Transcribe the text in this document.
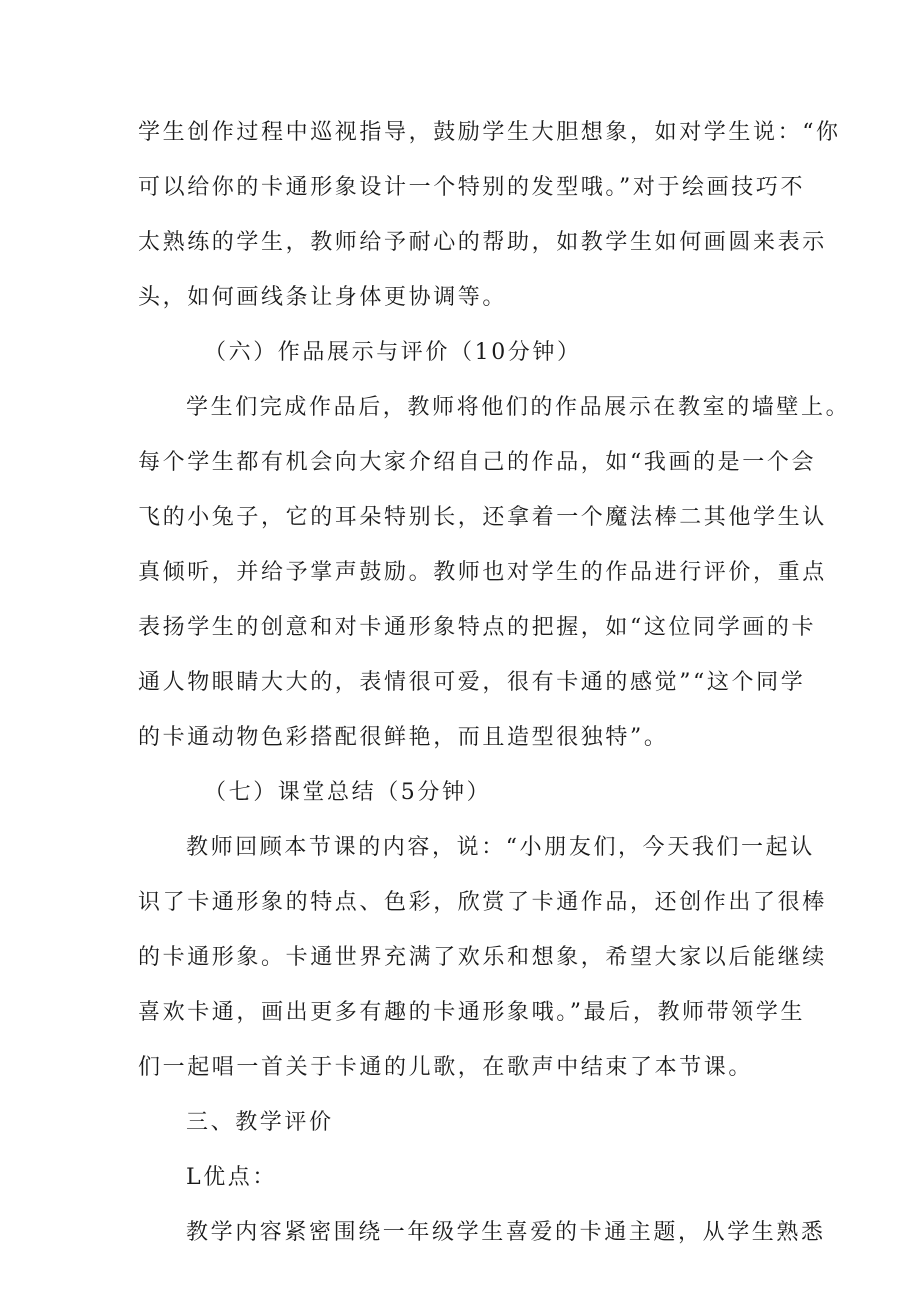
学生创作过程中巡视指导，鼓励学生大胆想象，如对学生说：“你
可以给你的卡通形象设计一个特别的发型哦。”对于绘画技巧不
太熟练的学生，教师给予耐心的帮助，如教学生如何画圆来表示
头，如何画线条让身体更协调等。
（六）作品展示与评价（10分钟）
学生们完成作品后，教师将他们的作品展示在教室的墙壁上。
每个学生都有机会向大家介绍自己的作品，如“我画的是一个会
飞的小兔子，它的耳朵特别长，还拿着一个魔法棒二其他学生认
真倾听，并给予掌声鼓励。教师也对学生的作品进行评价，重点
表扬学生的创意和对卡通形象特点的把握，如“这位同学画的卡
通人物眼睛大大的，表情很可爱，很有卡通的感觉”“这个同学
的卡通动物色彩搭配很鲜艳，而且造型很独特”。
（七）课堂总结（5分钟）
教师回顾本节课的内容，说：“小朋友们，今天我们一起认
识了卡通形象的特点、色彩，欣赏了卡通作品，还创作出了很棒
的卡通形象。卡通世界充满了欢乐和想象，希望大家以后能继续
喜欢卡通，画出更多有趣的卡通形象哦。”最后，教师带领学生
们一起唱一首关于卡通的儿歌，在歌声中结束了本节课。
三、教学评价
L优点：
教学内容紧密围绕一年级学生喜爱的卡通主题，从学生熟悉
